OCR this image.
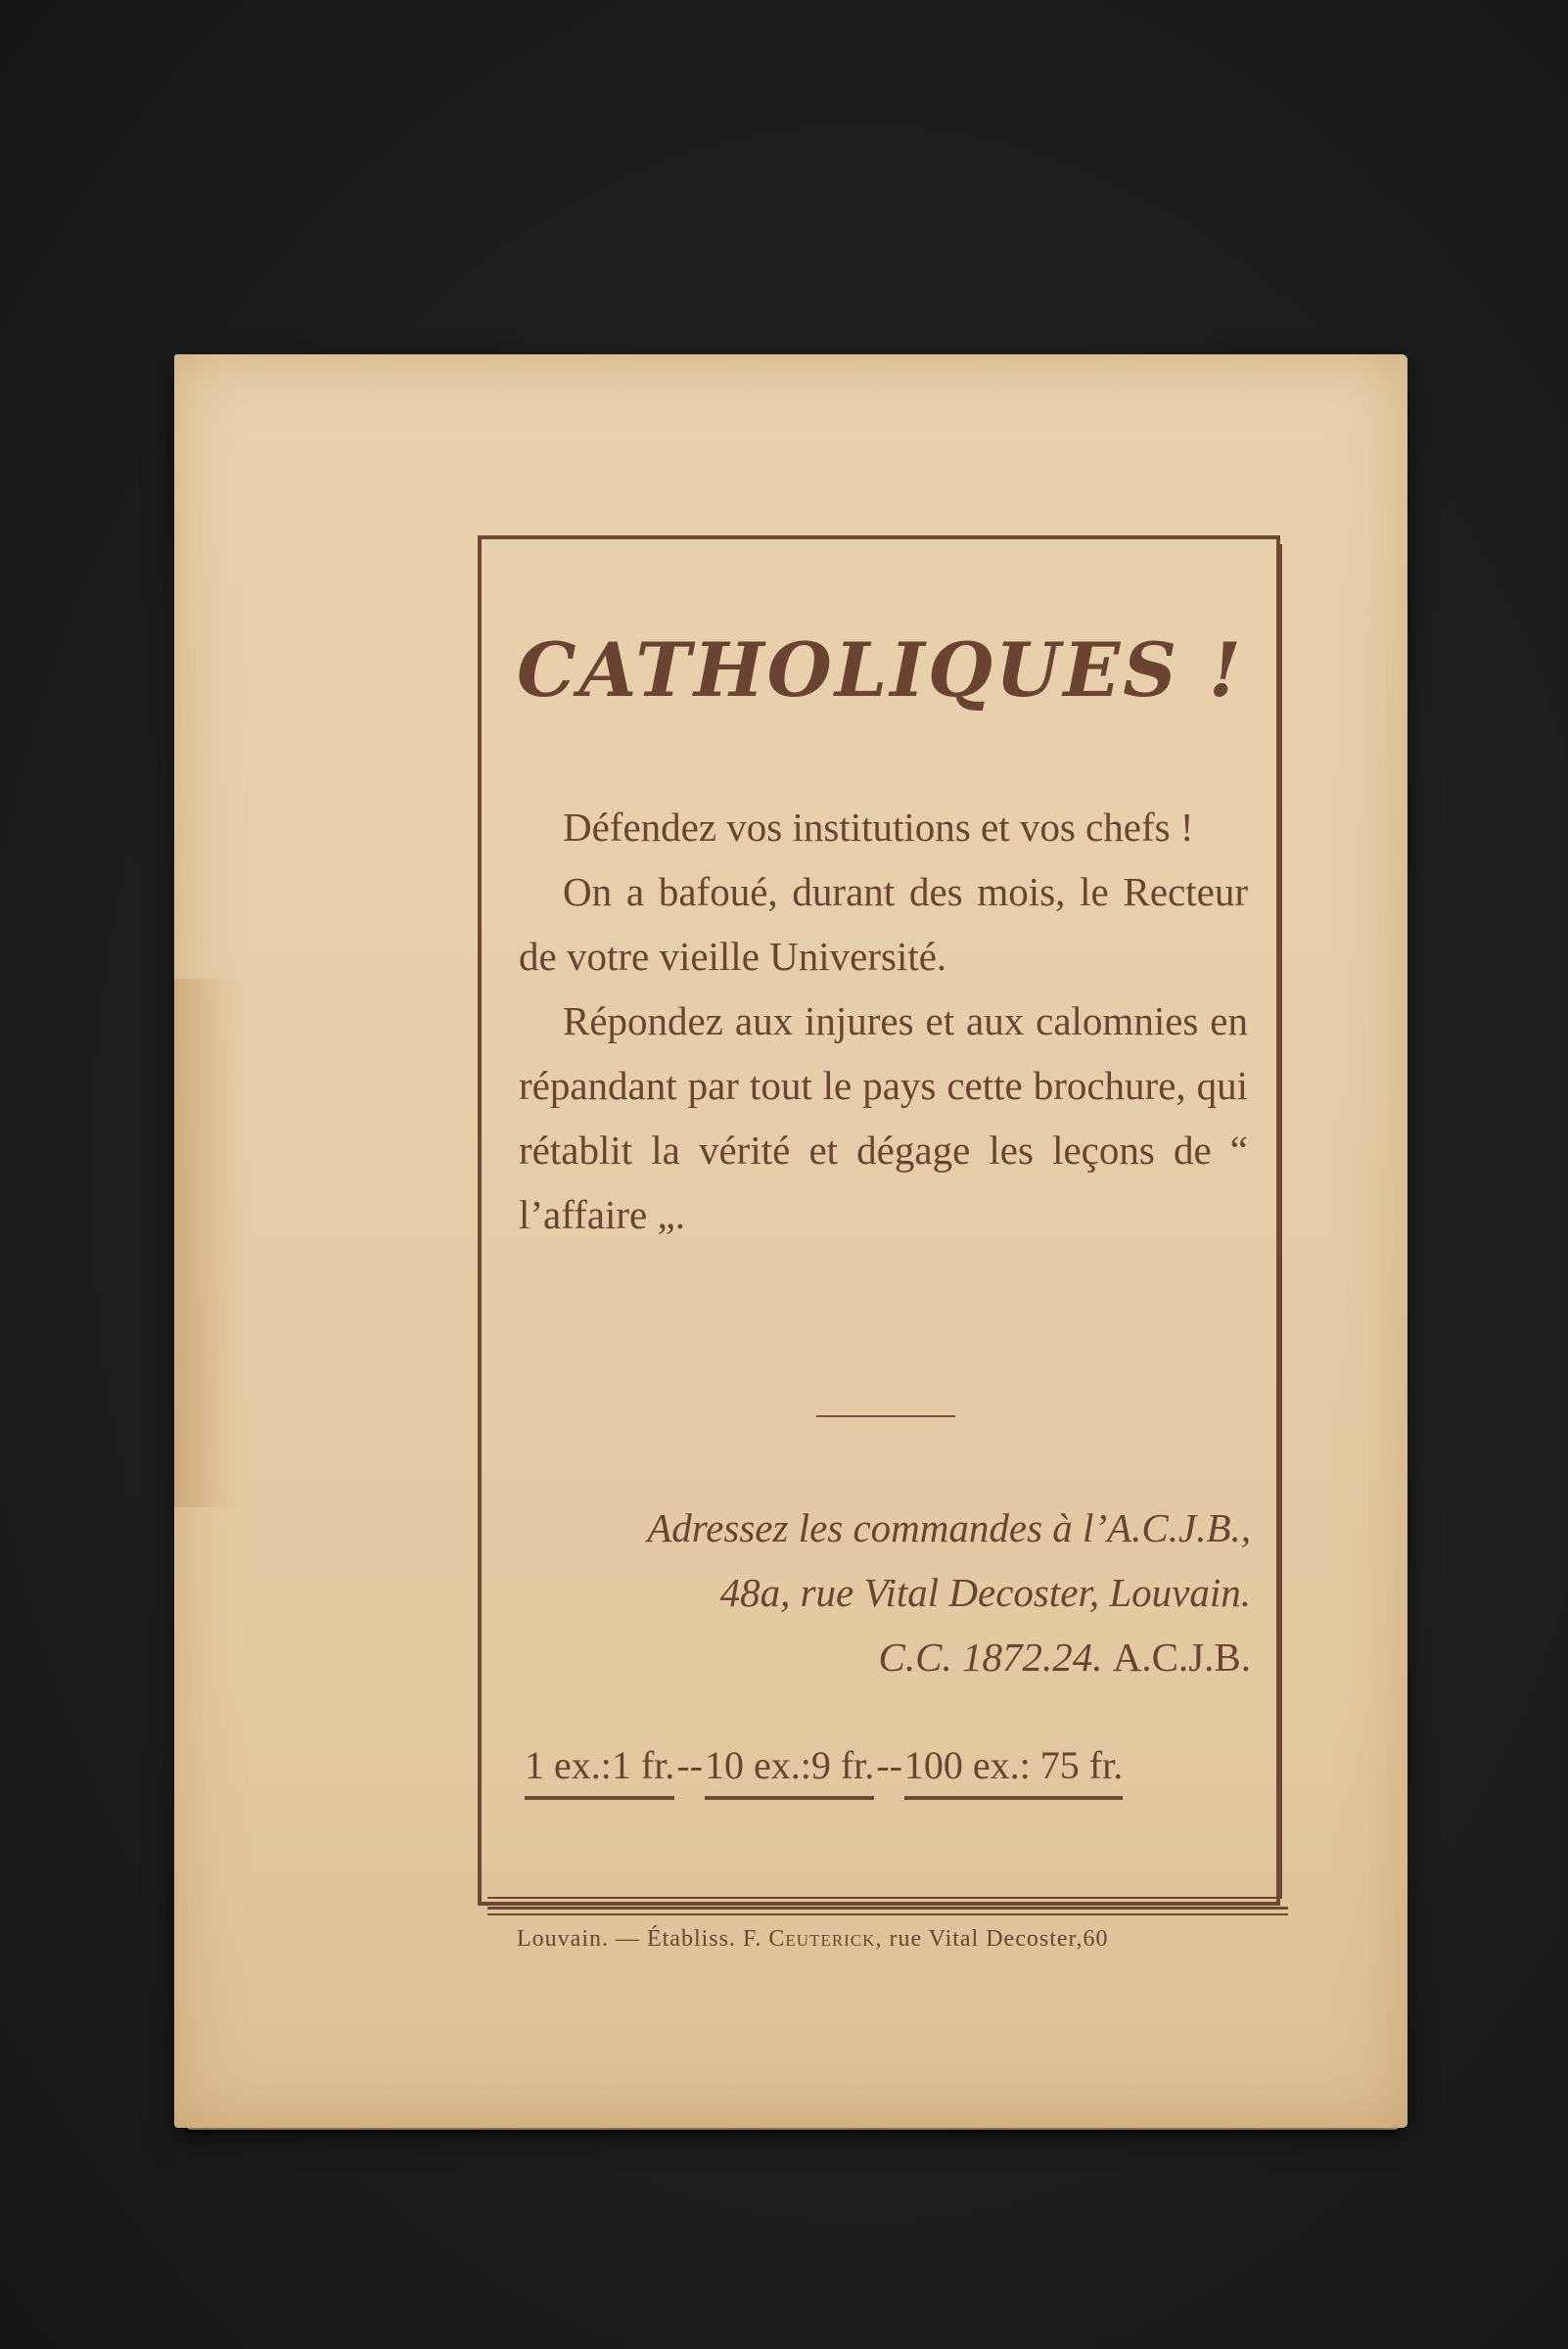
CATHOLIQUES !

Défendez vos institutions et vos chefs !

On a bafoué, durant des mois, le Recteur de votre vieille Université.

Répondez aux injures et aux calomnies en répandant par tout le pays cette brochure, qui rétablit la vérité et dégage les leçons de “ l’affaire „.

Adressez les commandes à l’A.C.J.B.,
48a, rue Vital Decoster, Louvain.
C.C. 1872.24. A.C.J.B.
1 ex.:1 fr.--10 ex.:9 fr.--100 ex.: 75 fr.
Louvain. — Établiss. F. Ceuterick, rue Vital Decoster,60
